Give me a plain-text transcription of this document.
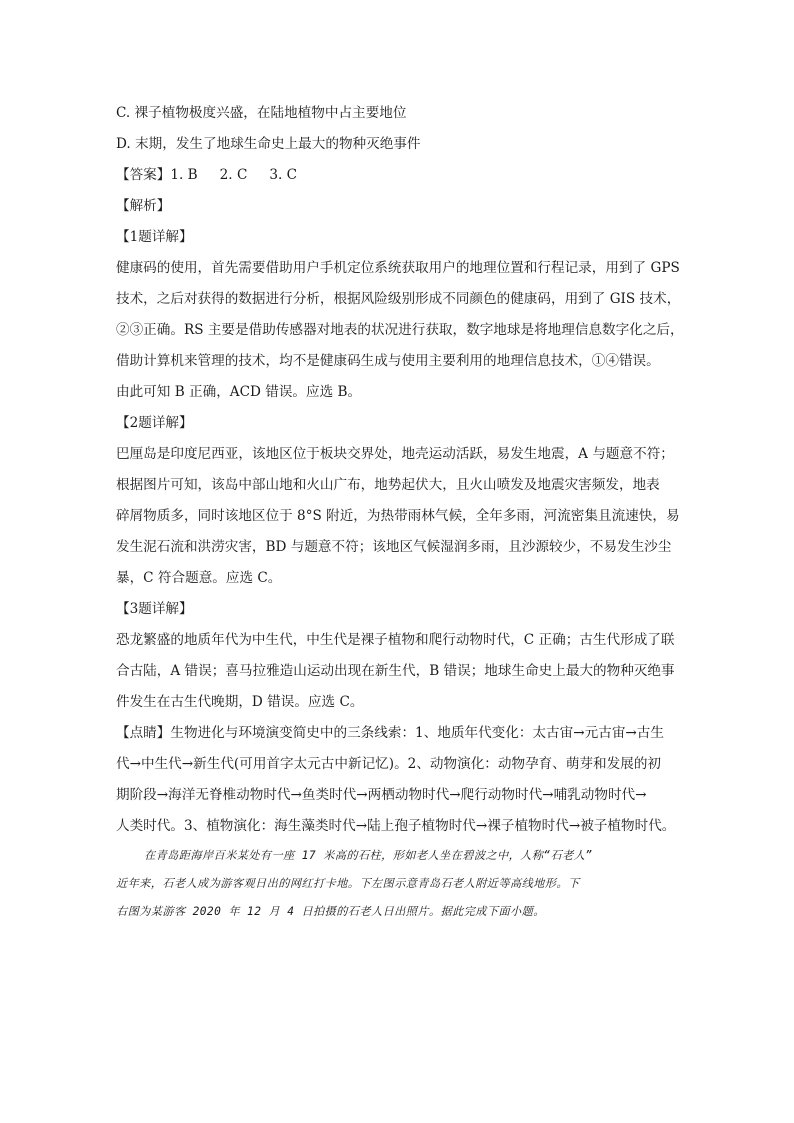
C. 裸子植物极度兴盛，在陆地植物中占主要地位
D. 末期，发生了地球生命史上最大的物种灭绝事件
【答案】1. B 2. C 3. C
【解析】
【1题详解】
健康码的使用，首先需要借助用户手机定位系统获取用户的地理位置和行程记录，用到了 GPS
技术，之后对获得的数据进行分析，根据风险级别形成不同颜色的健康码，用到了 GIS 技术，
②③正确。RS 主要是借助传感器对地表的状况进行获取，数字地球是将地理信息数字化之后，
借助计算机来管理的技术，均不是健康码生成与使用主要利用的地理信息技术，①④错误。
由此可知 B 正确，ACD 错误。应选 B。
【2题详解】
巴厘岛是印度尼西亚，该地区位于板块交界处，地壳运动活跃，易发生地震，A 与题意不符；
根据图片可知，该岛中部山地和火山广布，地势起伏大，且火山喷发及地震灾害频发，地表
碎屑物质多，同时该地区位于 8°S 附近，为热带雨林气候，全年多雨，河流密集且流速快，易
发生泥石流和洪涝灾害，BD 与题意不符；该地区气候湿润多雨，且沙源较少，不易发生沙尘
暴，C 符合题意。应选 C。
【3题详解】
恐龙繁盛的地质年代为中生代，中生代是裸子植物和爬行动物时代，C 正确；古生代形成了联
合古陆，A 错误；喜马拉雅造山运动出现在新生代，B 错误；地球生命史上最大的物种灭绝事
件发生在古生代晚期，D 错误。应选 C。
【点睛】生物进化与环境演变简史中的三条线索：1、地质年代变化：太古宙→元古宙→古生
代→中生代→新生代(可用首字太元古中新记忆)。2、动物演化：动物孕育、萌芽和发展的初
期阶段→海洋无脊椎动物时代→鱼类时代→两栖动物时代→爬行动物时代→哺乳动物时代→
人类时代。3、植物演化：海生藻类时代→陆上孢子植物时代→裸子植物时代→被子植物时代。
在青岛距海岸百米某处有一座 17 米高的石柱，形如老人坐在碧波之中，人称“石老人”
近年来，石老人成为游客观日出的网红打卡地。下左图示意青岛石老人附近等高线地形。下
右图为某游客 2020 年 12 月 4 日拍摄的石老人日出照片。据此完成下面小题。
